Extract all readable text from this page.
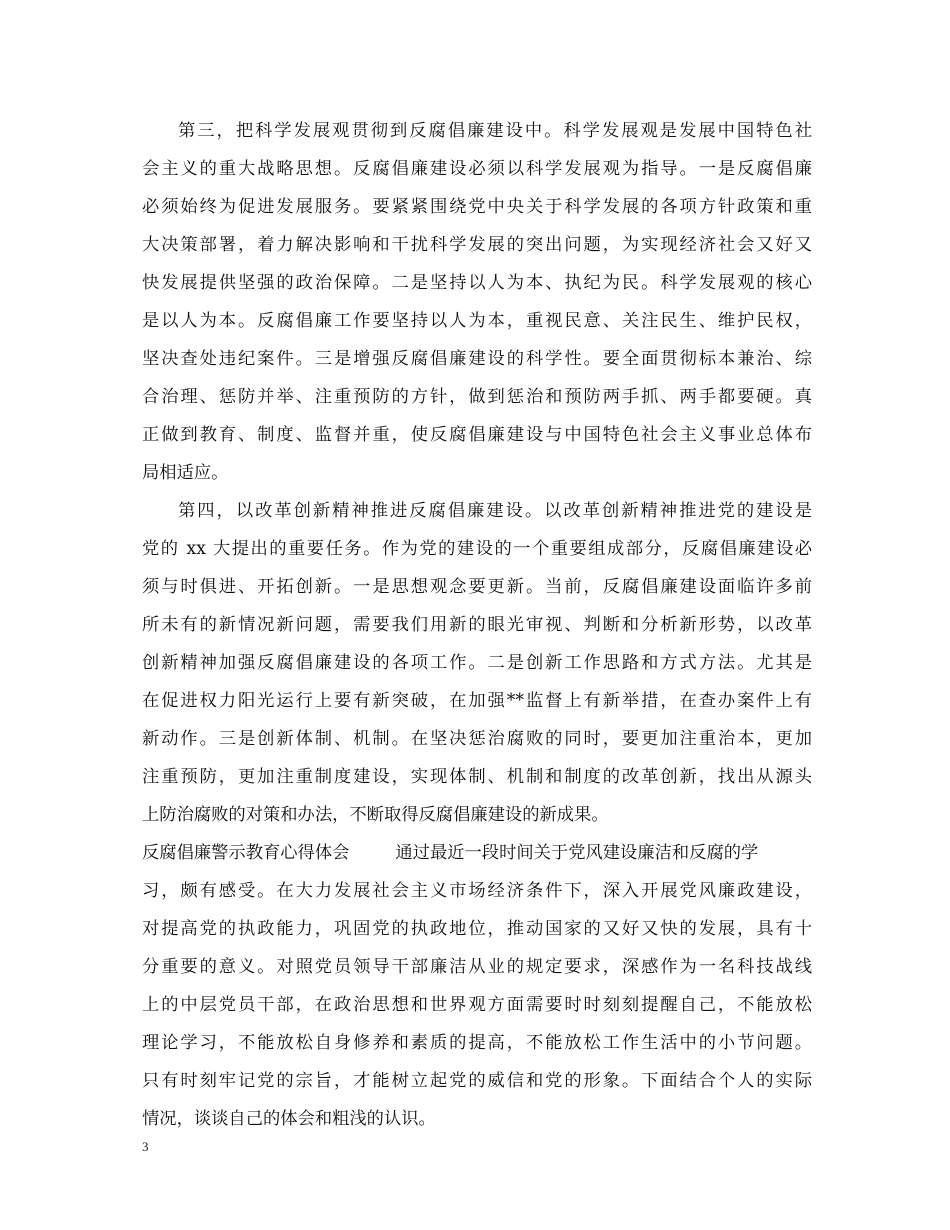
第三，把科学发展观贯彻到反腐倡廉建设中。科学发展观是发展中国特色社
会主义的重大战略思想。反腐倡廉建设必须以科学发展观为指导。一是反腐倡廉
必须始终为促进发展服务。要紧紧围绕党中央关于科学发展的各项方针政策和重
大决策部署，着力解决影响和干扰科学发展的突出问题，为实现经济社会又好又
快发展提供坚强的政治保障。二是坚持以人为本、执纪为民。科学发展观的核心
是以人为本。反腐倡廉工作要坚持以人为本，重视民意、关注民生、维护民权，
坚决查处违纪案件。三是增强反腐倡廉建设的科学性。要全面贯彻标本兼治、综
合治理、惩防并举、注重预防的方针，做到惩治和预防两手抓、两手都要硬。真
正做到教育、制度、监督并重，使反腐倡廉建设与中国特色社会主义事业总体布
局相适应。
第四，以改革创新精神推进反腐倡廉建设。以改革创新精神推进党的建设是
党的 xx 大提出的重要任务。作为党的建设的一个重要组成部分，反腐倡廉建设必
须与时俱进、开拓创新。一是思想观念要更新。当前，反腐倡廉建设面临许多前
所未有的新情况新问题，需要我们用新的眼光审视、判断和分析新形势，以改革
创新精神加强反腐倡廉建设的各项工作。二是创新工作思路和方式方法。尤其是
在促进权力阳光运行上要有新突破，在加强**监督上有新举措，在查办案件上有
新动作。三是创新体制、机制。在坚决惩治腐败的同时，要更加注重治本，更加
注重预防，更加注重制度建设，实现体制、机制和制度的改革创新，找出从源头
上防治腐败的对策和办法，不断取得反腐倡廉建设的新成果。
反腐倡廉警示教育心得体会	通过最近一段时间关于党风建设廉洁和反腐的学
习，颇有感受。在大力发展社会主义市场经济条件下，深入开展党风廉政建设，
对提高党的执政能力，巩固党的执政地位，推动国家的又好又快的发展，具有十
分重要的意义。对照党员领导干部廉洁从业的规定要求，深感作为一名科技战线
上的中层党员干部，在政治思想和世界观方面需要时时刻刻提醒自己，不能放松
理论学习，不能放松自身修养和素质的提高，不能放松工作生活中的小节问题。
只有时刻牢记党的宗旨，才能树立起党的威信和党的形象。下面结合个人的实际
情况，谈谈自己的体会和粗浅的认识。
3
